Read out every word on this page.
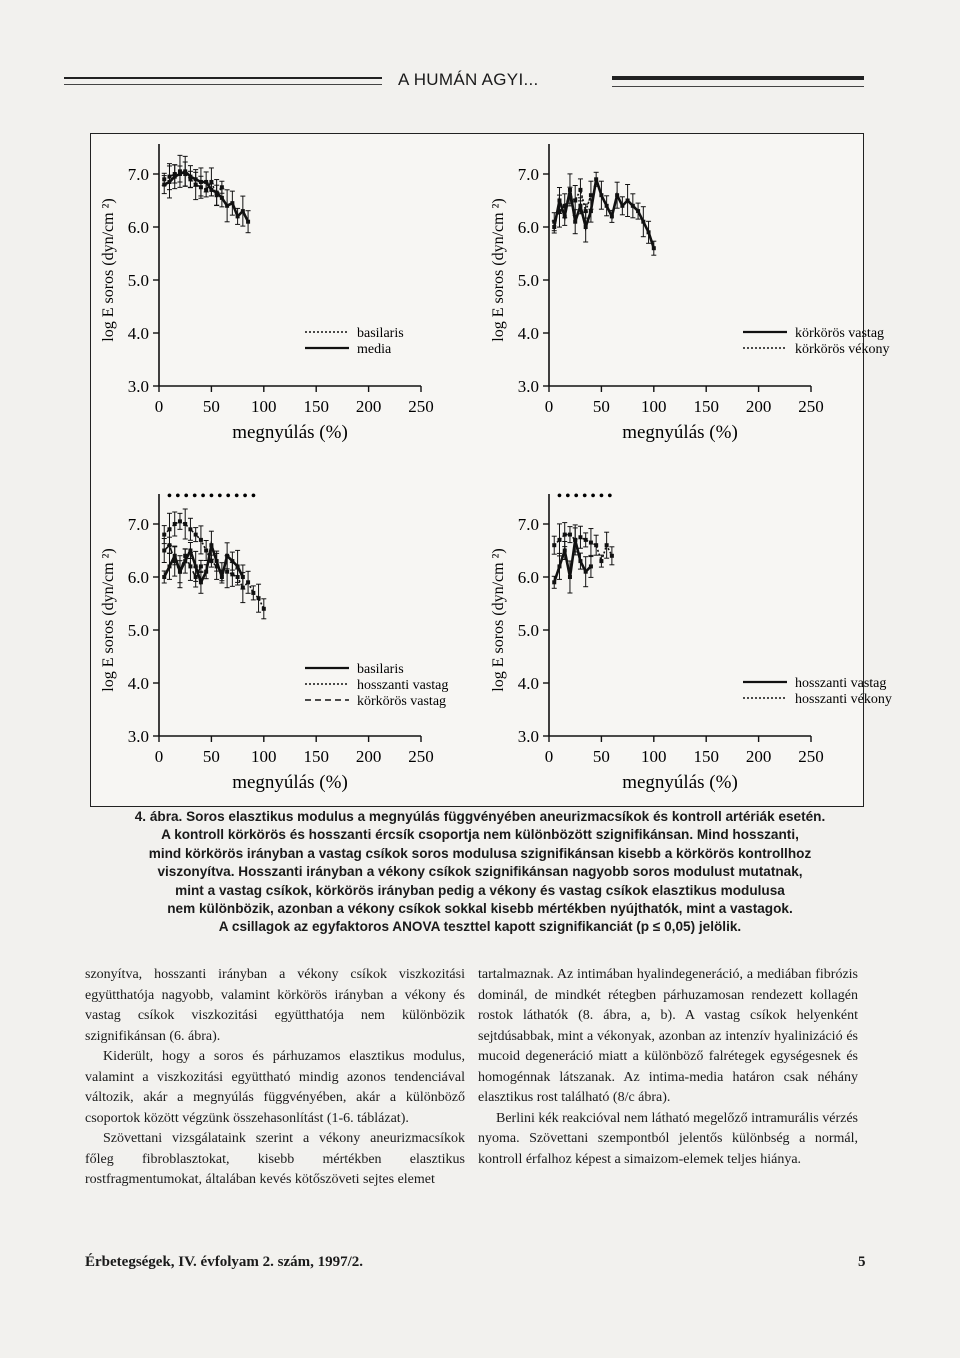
A HUMÁN AGYI...
7.0
6.0
5.0
4.0
3.0
0 50 100 150 200 250
megnyúlás (%)
log E soros (dyn/cm ²)	basilaris
media
7.0
6.0
5.0
4.0
3.0
0 50 100 150 200 250
megnyúlás (%)
log E soros (dyn/cm ²)	körkörös vastag
körkörös vékony
7.0
6.0
5.0
4.0
3.0
0 50 100 150 200 250
megnyúlás (%)
log E soros (dyn/cm ²)
• • • • • • • • • • •
basilaris
hosszanti vastag
körkörös vastag
7.0
6.0
5.0
4.0
3.0
0 50 100 150 200 250
megnyúlás (%)
log E soros (dyn/cm ²)
• • • • • • •
hosszanti vastag
hosszanti vékony

4. ábra. Soros elasztikus modulus a megnyúlás függvényében aneurizmacsíkok és kontroll artériák esetén.

A kontroll körkörös és hosszanti ércsík csoportja nem különbözött szignifikánsan. Mind hosszanti,

mind körkörös irányban a vastag csíkok soros modulusa szignifikánsan kisebb a körkörös kontrollhoz

viszonyítva. Hosszanti irányban a vékony csíkok szignifikánsan nagyobb soros modulust mutatnak,

mint a vastag csíkok, körkörös irányban pedig a vékony és vastag csíkok elasztikus modulusa

nem különbözik, azonban a vékony csíkok sokkal kisebb mértékben nyújthatók, mint a vastagok.

A csillagok az egyfaktoros ANOVA teszttel kapott szignifikanciát (p ≤ 0,05) jelölik.

szonyítva, hosszanti irányban a vékony csíkok viszkozitási együtthatója nagyobb, valamint körkörös irányban a vékony és vastag csíkok viszkozitási együtthatója nem különbözik szignifikánsan (6. ábra).

Kiderült, hogy a soros és párhuzamos elasztikus modulus, valamint a viszkozitási együttható mindig azonos tendenciával változik, akár a megnyúlás függvényében, akár a különböző csoportok között végzünk összehasonlítást (1-6. táblázat).

Szövettani vizsgálataink szerint a vékony aneurizmacsíkok főleg fibroblasztokat, kisebb mértékben elasztikus rostfragmentumokat, általában kevés kötőszöveti sejtes elemet

tartalmaznak. Az intimában hyalindegeneráció, a mediában fibrózis dominál, de mindkét rétegben párhuzamosan rendezett kollagén rostok láthatók (8. ábra, a, b). A vastag csíkok helyenként sejtdúsabbak, mint a vékonyak, azonban az intenzív hyalinizáció és mucoid degeneráció miatt a különböző falrétegek egységesnek és homogénnak látszanak. Az intima-media határon csak néhány elasztikus rost található (8/c ábra).

Berlini kék reakcióval nem látható megelőző intramurális vérzés nyoma. Szövettani szempontból jelentős különbség a normál, kontroll érfalhoz képest a simaizom-elemek teljes hiánya.

Érbetegségek, IV. évfolyam 2. szám, 1997/2.	5
